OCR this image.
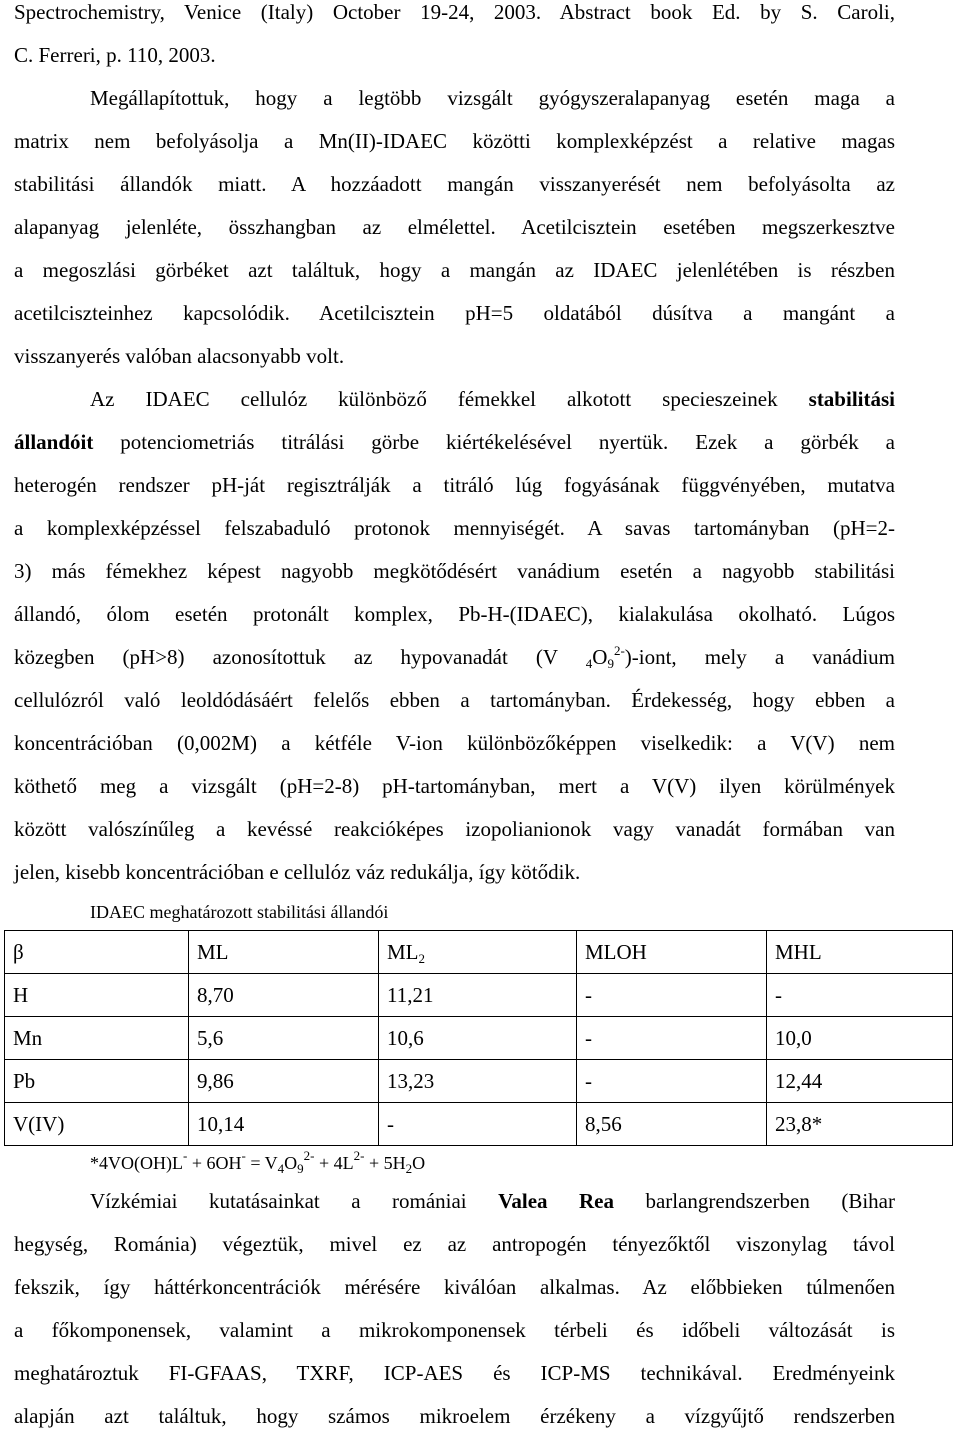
Spectrochemistry, Venice (Italy) October 19-24, 2003. Abstract book Ed. by S. Caroli,
C. Ferreri, p. 110, 2003.
Megállapítottuk, hogy a legtöbb vizsgált gyógyszeralapanyag esetén maga a
matrix nem befolyásolja a Mn(II)-IDAEC közötti komplexképzést a relative magas
stabilitási állandók miatt. A hozzáadott mangán visszanyerését nem befolyásolta az
alapanyag jelenléte, összhangban az elmélettel. Acetilcisztein esetében megszerkesztve
a megoszlási görbéket azt találtuk, hogy a mangán az IDAEC jelenlétében is részben
acetilciszteinhez kapcsolódik. Acetilcisztein pH=5 oldatából dúsítva a mangánt a
visszanyerés valóban alacsonyabb volt.
Az IDAEC cellulóz különböző fémekkel alkotott specieszeinek stabilitási
állandóit potenciometriás titrálási görbe kiértékelésével nyertük. Ezek a görbék a
heterogén rendszer pH-ját regisztrálják a titráló lúg fogyásának függvényében, mutatva
a komplexképzéssel felszabaduló protonok mennyiségét. A savas tartományban (pH=2-
3) más fémekhez képest nagyobb megkötődésért vanádium esetén a nagyobb stabilitási
állandó, ólom esetén protonált komplex, Pb-H-(IDAEC), kialakulása okolható. Lúgos
közegben (pH>8) azonosítottuk az hypovanadát (V $_4O_9^{2-}$)-iont, mely a vanádium
cellulózról való leoldódásáért felelős ebben a tartományban. Érdekesség, hogy ebben a
koncentrációban (0,002M) a kétféle V-ion különbözőképpen viselkedik: a V(V) nem
köthető meg a vizsgált (pH=2-8) pH-tartományban, mert a V(V) ilyen körülmények
között valószínűleg a kevéssé reakcióképes izopolianionok vagy vanadát formában van
jelen, kisebb koncentrációban e cellulóz váz redukálja, így kötődik.
IDAEC meghatározott stabilitási állandói
β	ML	$ML_2$	MLOH	MHL
H	8,70	11,21	-	-
Mn	5,6	10,6	-	10,0
Pb	9,86	13,23	-	12,44
V(IV)	10,14	-	8,56	23,8*
$*4VO(OH)L^- + 6OH^- = V_4O_9^{2-} + 4L^{2-} + 5H_2O$
Vízkémiai kutatásainkat a romániai Valea Rea barlangrendszerben (Bihar
hegység, Románia) végeztük, mivel ez az antropogén tényezőktől viszonylag távol
fekszik, így háttérkoncentrációk mérésére kiválóan alkalmas. Az előbbieken túlmenően
a főkomponensek, valamint a mikrokomponensek térbeli és időbeli változását is
meghatároztuk FI-GFAAS, TXRF, ICP-AES és ICP-MS technikával. Eredményeink
alapján azt találtuk, hogy számos mikroelem érzékeny a vízgyűjtő rendszerben
